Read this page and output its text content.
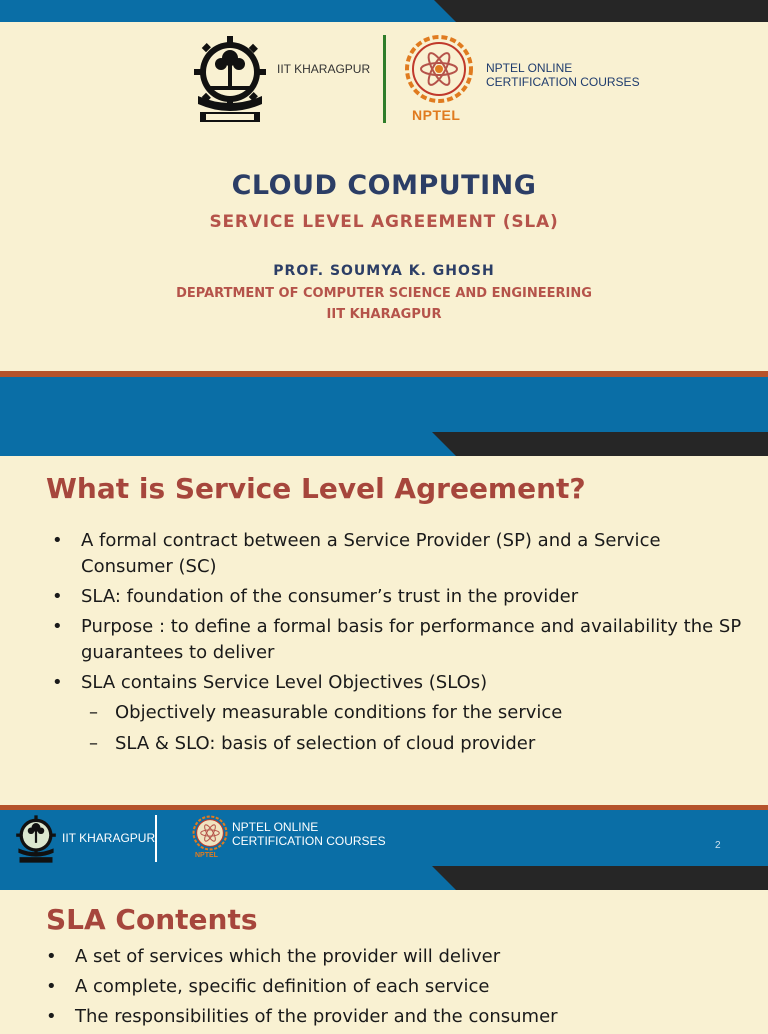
IIT KHARAGPUR
NPTEL
NPTEL ONLINE
CERTIFICATION COURSES
CLOUD COMPUTING
SERVICE LEVEL AGREEMENT (SLA)
PROF. SOUMYA K. GHOSH
DEPARTMENT OF COMPUTER SCIENCE AND ENGINEERING
IIT KHARAGPUR
What is Service Level Agreement?
•	A formal contract between a Service Provider (SP) and a Service Consumer (SC)
•	SLA: foundation of the consumer’s trust in the provider
•	Purpose : to define a formal basis for performance and availability the SP guarantees to deliver
•	SLA contains Service Level Objectives (SLOs)
– Objectively measurable conditions for the service
– SLA & SLO: basis of selection of cloud provider
IIT KHARAGPUR
NPTEL
NPTEL ONLINE
CERTIFICATION COURSES	2
SLA Contents
•	A set of services which the provider will deliver
•	A complete, specific definition of each service
•	The responsibilities of the provider and the consumer
